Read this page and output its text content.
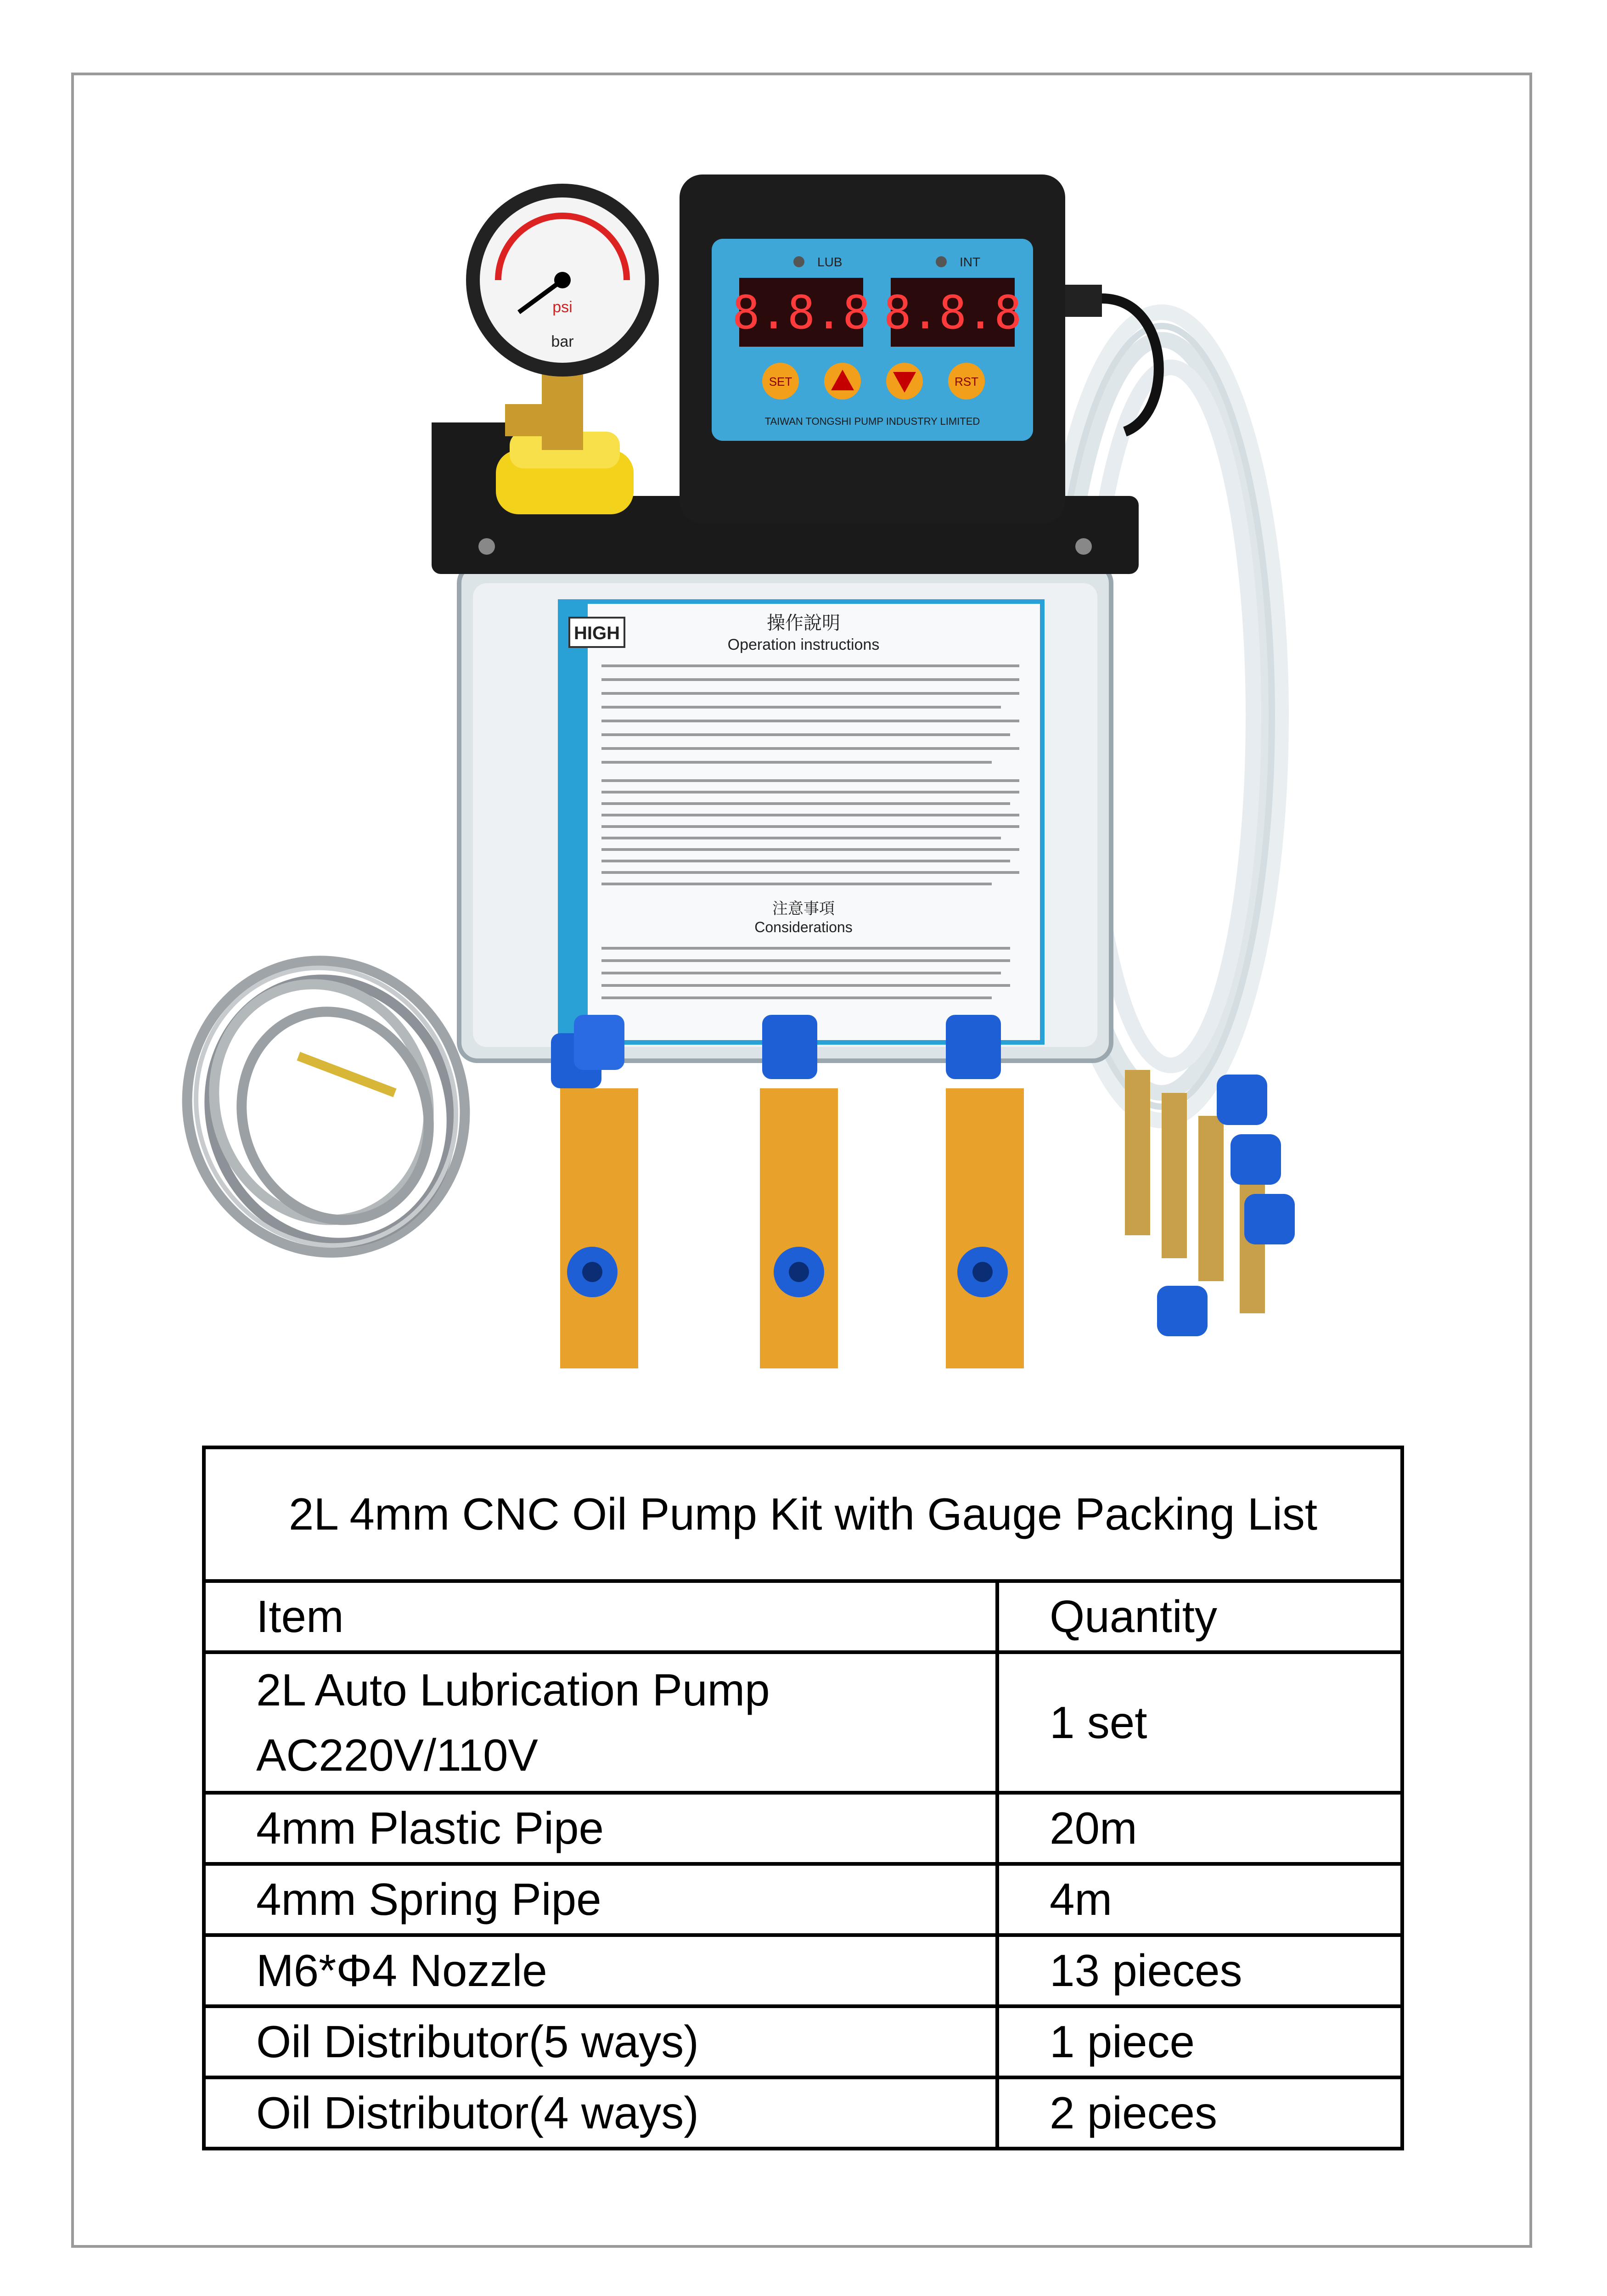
HIGH	操作說明
Operation instructions
注意事項
Considerations
psi
bar
LUB	INT
8.8.8 8.8.8
SET	RST
TAIWAN TONGSHI PUMP INDUSTRY LIMITED
2L 4mm CNC Oil Pump Kit with Gauge Packing List	
Item	Quantity

2L Auto Lubrication Pump
AC220V/110V	1 set
4mm Plastic Pipe	20m
4mm Spring Pipe	4m
M6*Φ4 Nozzle	13 pieces
Oil Distributor(5 ways)	1 piece
Oil Distributor(4 ways)	2 pieces
